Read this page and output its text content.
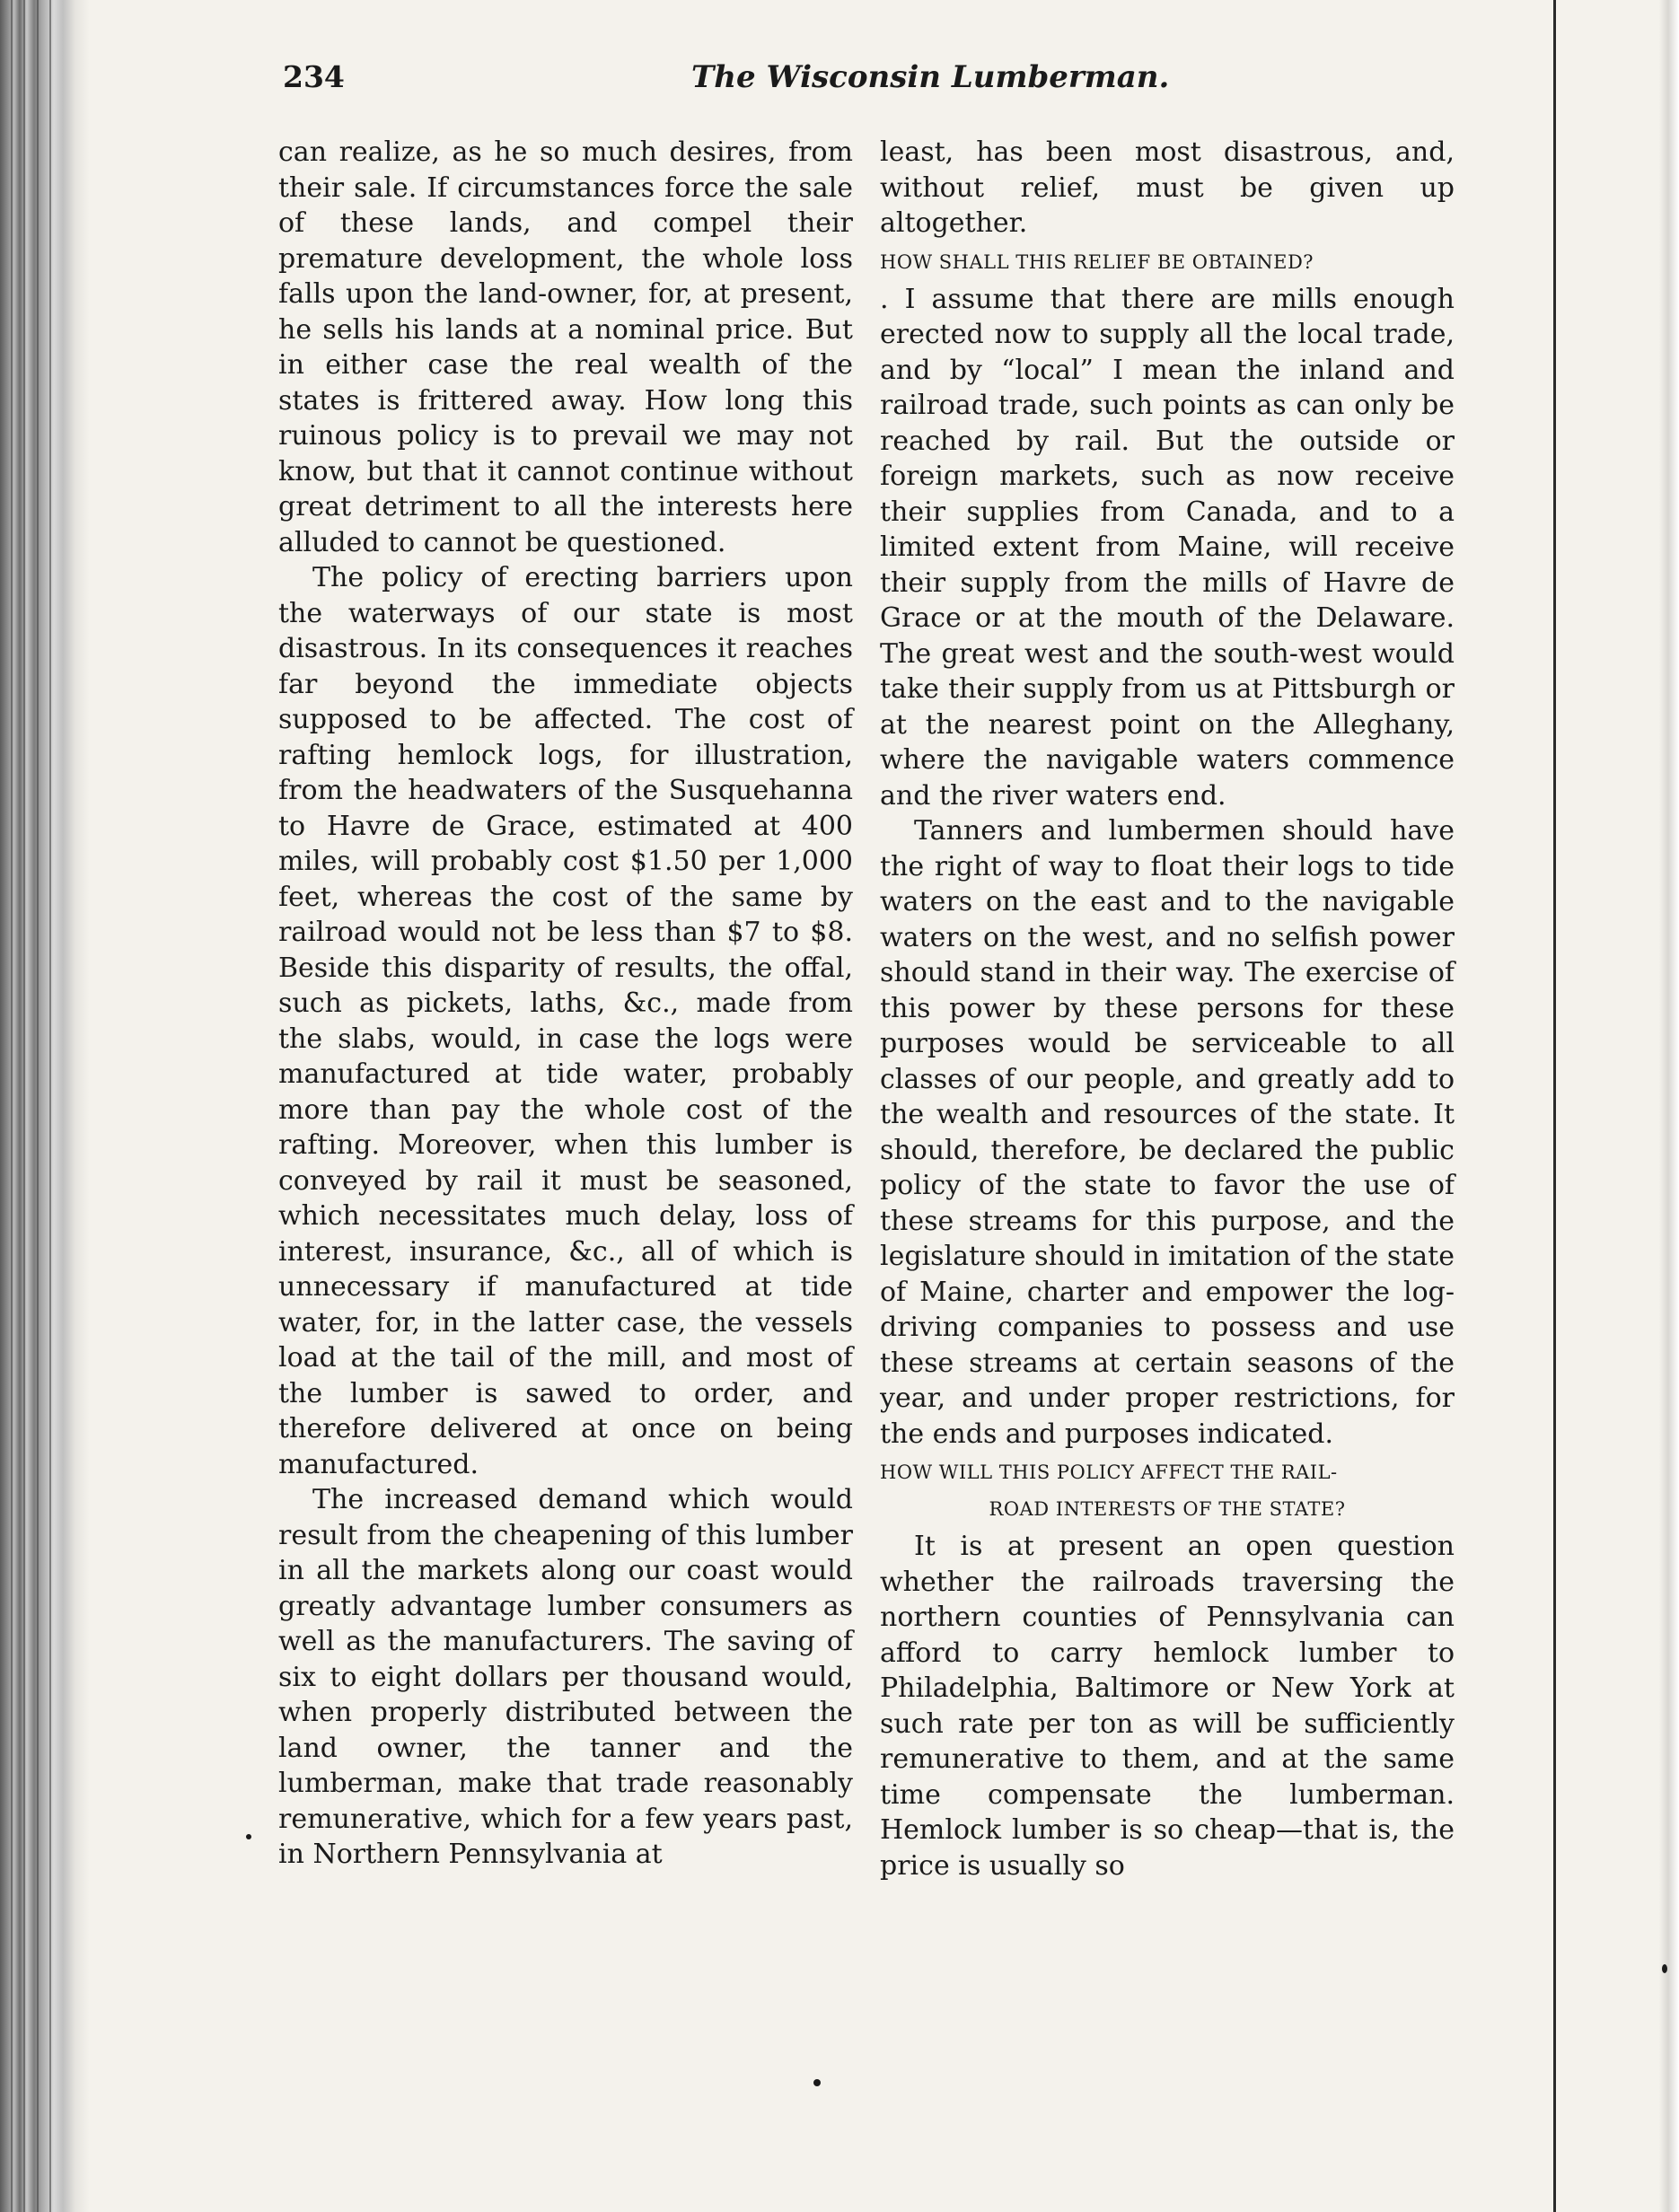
234	The Wisconsin Lumberman.

can realize, as he so much desires, from their sale. If circumstances force the sale of these lands, and compel their premature development, the whole loss falls upon the land-owner, for, at present, he sells his lands at a nominal price. But in either case the real wealth of the states is frittered away. How long this ruinous policy is to prevail we may not know, but that it cannot continue without great detriment to all the interests here alluded to cannot be questioned.

The policy of erecting barriers upon the waterways of our state is most disastrous. In its consequences it reaches far beyond the immediate objects supposed to be affected. The cost of rafting hemlock logs, for illustration, from the headwaters of the Susquehanna to Havre de Grace, estimated at 400 miles, will probably cost $1.50 per 1,000 feet, whereas the cost of the same by railroad would not be less than $7 to $8. Beside this disparity of results, the offal, such as pickets, laths, &c., made from the slabs, would, in case the logs were manufactured at tide water, probably more than pay the whole cost of the rafting. Moreover, when this lumber is conveyed by rail it must be seasoned, which necessitates much delay, loss of interest, insurance, &c., all of which is unnecessary if manufactured at tide water, for, in the latter case, the vessels load at the tail of the mill, and most of the lumber is sawed to order, and therefore delivered at once on being manufactured.

The increased demand which would result from the cheapening of this lumber in all the markets along our coast would greatly advantage lumber consumers as well as the manufacturers. The saving of six to eight dollars per thousand would, when properly distributed between the land owner, the tanner and the lumberman, make that trade reasonably remunerative, which for a few years past, in Northern Pennsylvania at

least, has been most disastrous, and, without relief, must be given up altogether.

HOW SHALL THIS RELIEF BE OBTAINED?

. I assume that there are mills enough erected now to supply all the local trade, and by “local” I mean the inland and railroad trade, such points as can only be reached by rail. But the outside or foreign markets, such as now receive their supplies from Canada, and to a limited extent from Maine, will receive their supply from the mills of Havre de Grace or at the mouth of the Delaware. The great west and the south-west would take their supply from us at Pittsburgh or at the nearest point on the Alleghany, where the navigable waters commence and the river waters end.

Tanners and lumbermen should have the right of way to float their logs to tide waters on the east and to the navigable waters on the west, and no selfish power should stand in their way. The exercise of this power by these persons for these purposes would be serviceable to all classes of our people, and greatly add to the wealth and resources of the state. It should, therefore, be declared the public policy of the state to favor the use of these streams for this purpose, and the legislature should in imitation of the state of Maine, charter and empower the log-driving companies to possess and use these streams at certain seasons of the year, and under proper restrictions, for the ends and purposes indicated.

HOW WILL THIS POLICY AFFECT THE RAIL-

ROAD INTERESTS OF THE STATE?

It is at present an open question whether the railroads traversing the northern counties of Pennsylvania can afford to carry hemlock lumber to Philadelphia, Baltimore or New York at such rate per ton as will be sufficiently remunerative to them, and at the same time compensate the lumberman. Hemlock lumber is so cheap—that is, the price is usually so
